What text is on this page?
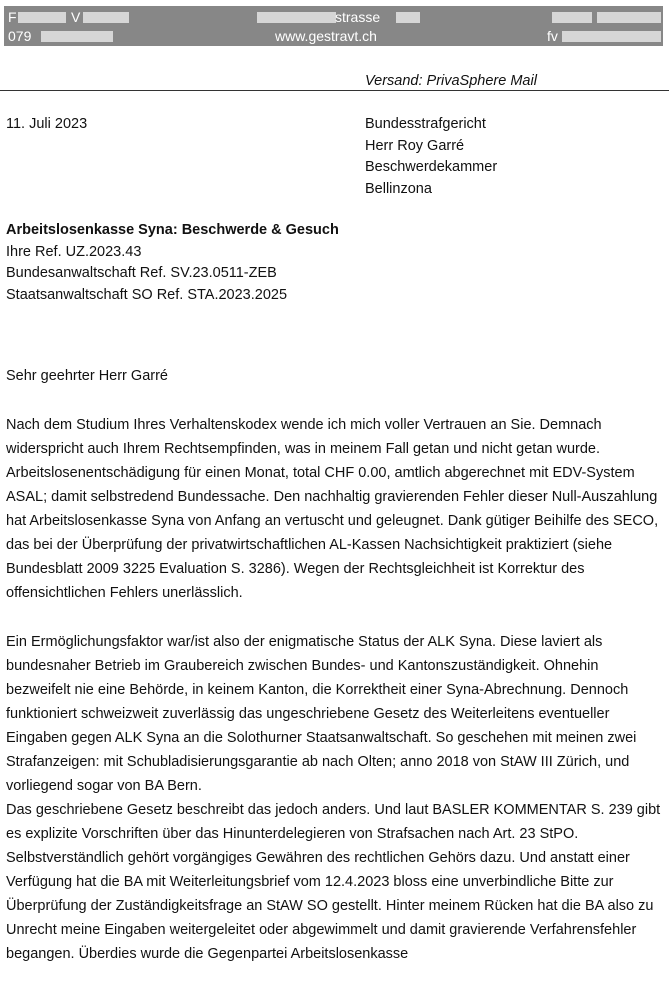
F	V	strasse
079	www.gestravt.ch	fv
Versand: PrivaSphere Mail
11. Juli 2023	Bundesstrafgericht
Herr Roy Garré
Beschwerdekammer
Bellinzona
Arbeitslosenkasse Syna: Beschwerde & Gesuch
Ihre Ref. UZ.2023.43
Bundesanwaltschaft Ref. SV.23.0511-ZEB
Staatsanwaltschaft SO Ref. STA.2023.2025
Sehr geehrter Herr Garré

Nach dem Studium Ihres Verhaltenskodex wende ich mich voller Vertrauen an Sie. Demnach widerspricht auch Ihrem Rechtsempfinden, was in meinem Fall getan und nicht getan wurde. Arbeitslosenentschädigung für einen Monat, total CHF 0.00, amtlich abgerechnet mit EDV-System ASAL; damit selbstredend Bundessache. Den nachhaltig gravierenden Fehler dieser Null-Auszahlung hat Arbeitslosenkasse Syna von Anfang an vertuscht und geleugnet. Dank gütiger Beihilfe des SECO, das bei der Überprüfung der privatwirtschaftlichen AL-Kassen Nachsichtigkeit praktiziert (siehe Bundesblatt 2009 3225 Evaluation S. 3286). Wegen der Rechtsgleichheit ist Korrektur des offensichtlichen Fehlers unerlässlich.

Ein Ermöglichungsfaktor war/ist also der enigmatische Status der ALK Syna. Diese laviert als bundesnaher Betrieb im Graubereich zwischen Bundes- und Kantonszuständigkeit. Ohnehin bezweifelt nie eine Behörde, in keinem Kanton, die Korrektheit einer Syna-Abrechnung. Dennoch funktioniert schweizweit zuverlässig das ungeschriebene Gesetz des Weiterleitens eventueller Eingaben gegen ALK Syna an die Solothurner Staatsanwaltschaft. So geschehen mit meinen zwei Strafanzeigen: mit Schubladisierungsgarantie ab nach Olten; anno 2018 von StAW III Zürich, und vorliegend sogar von BA Bern.

Das geschriebene Gesetz beschreibt das jedoch anders. Und laut BASLER KOMMENTAR S. 239 gibt es explizite Vorschriften über das Hinunterdelegieren von Strafsachen nach Art. 23 StPO. Selbstverständlich gehört vorgängiges Gewähren des rechtlichen Gehörs dazu. Und anstatt einer Verfügung hat die BA mit Weiterleitungsbrief vom 12.4.2023 bloss eine unverbindliche Bitte zur Überprüfung der Zuständigkeitsfrage an StAW SO gestellt. Hinter meinem Rücken hat die BA also zu Unrecht meine Eingaben weitergeleitet oder abgewimmelt und damit gravierende Verfahrensfehler begangen. Überdies wurde die Gegenpartei Arbeitslosenkasse
